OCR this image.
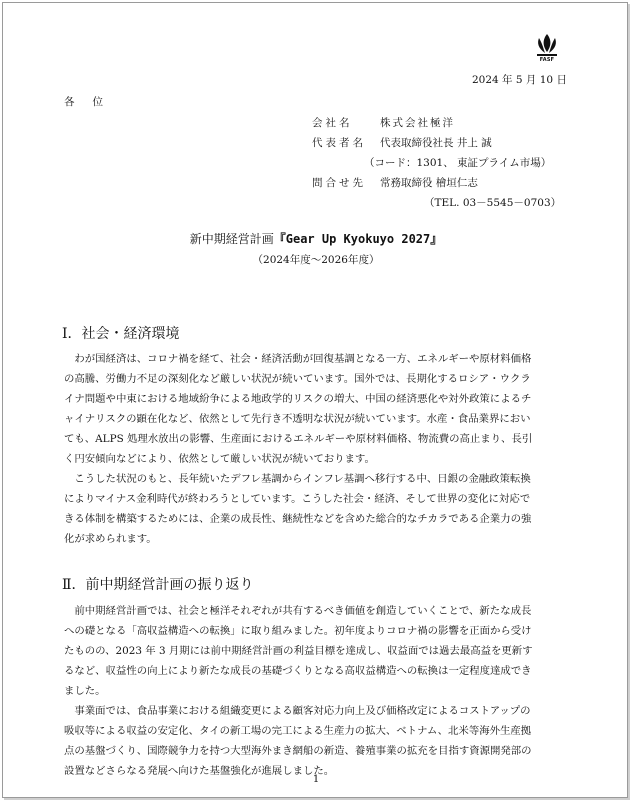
FASF
2024 年 5 月 10 日
各位
会社名	株式会社極洋
代表者名 代表取締役社長 井上 誠
（コード：1301、 東証プライム市場）
問合せ先 常務取締役 檜垣仁志
（TEL. 03－5545－0703）
新中期経営計画『Gear Up Kyokuyo 2027』
（2024年度～2026年度）
Ⅰ．社会・経済環境
　わが国経済は、コロナ禍を経て、社会・経済活動が回復基調となる一方、エネルギーや原材料価格
の高騰、労働力不足の深刻化など厳しい状況が続いています。国外では、長期化するロシア・ウクラ
イナ問題や中東における地域紛争による地政学的リスクの増大、中国の経済悪化や対外政策によるチ
ャイナリスクの顕在化など、依然として先行き不透明な状況が続いています。水産・食品業界におい
ても、ALPS 処理水放出の影響、生産面におけるエネルギーや原材料価格、物流費の高止まり、長引
く円安傾向などにより、依然として厳しい状況が続いております。
　こうした状況のもと、長年続いたデフレ基調からインフレ基調へ移行する中、日銀の金融政策転換
によりマイナス金利時代が終わろうとしています。こうした社会・経済、そして世界の変化に対応で
きる体制を構築するためには、企業の成長性、継続性などを含めた総合的なチカラである企業力の強
化が求められます。
Ⅱ．前中期経営計画の振り返り
　前中期経営計画では、社会と極洋それぞれが共有するべき価値を創造していくことで、新たな成長
への礎となる「高収益構造への転換」に取り組みました。初年度よりコロナ禍の影響を正面から受け
たものの、2023 年 3 月期には前中期経営計画の利益目標を達成し、収益面では過去最高益を更新す
るなど、収益性の向上により新たな成長の基礎づくりとなる高収益構造への転換は一定程度達成でき
ました。
　事業面では、食品事業における組織変更による顧客対応力向上及び価格改定によるコストアップの
吸収等による収益の安定化、タイの新工場の完工による生産力の拡大、ベトナム、北米等海外生産拠
点の基盤づくり、国際競争力を持つ大型海外まき網船の新造、養殖事業の拡充を目指す資源開発部の
設置などさらなる発展へ向けた基盤強化が進展しました。
1
